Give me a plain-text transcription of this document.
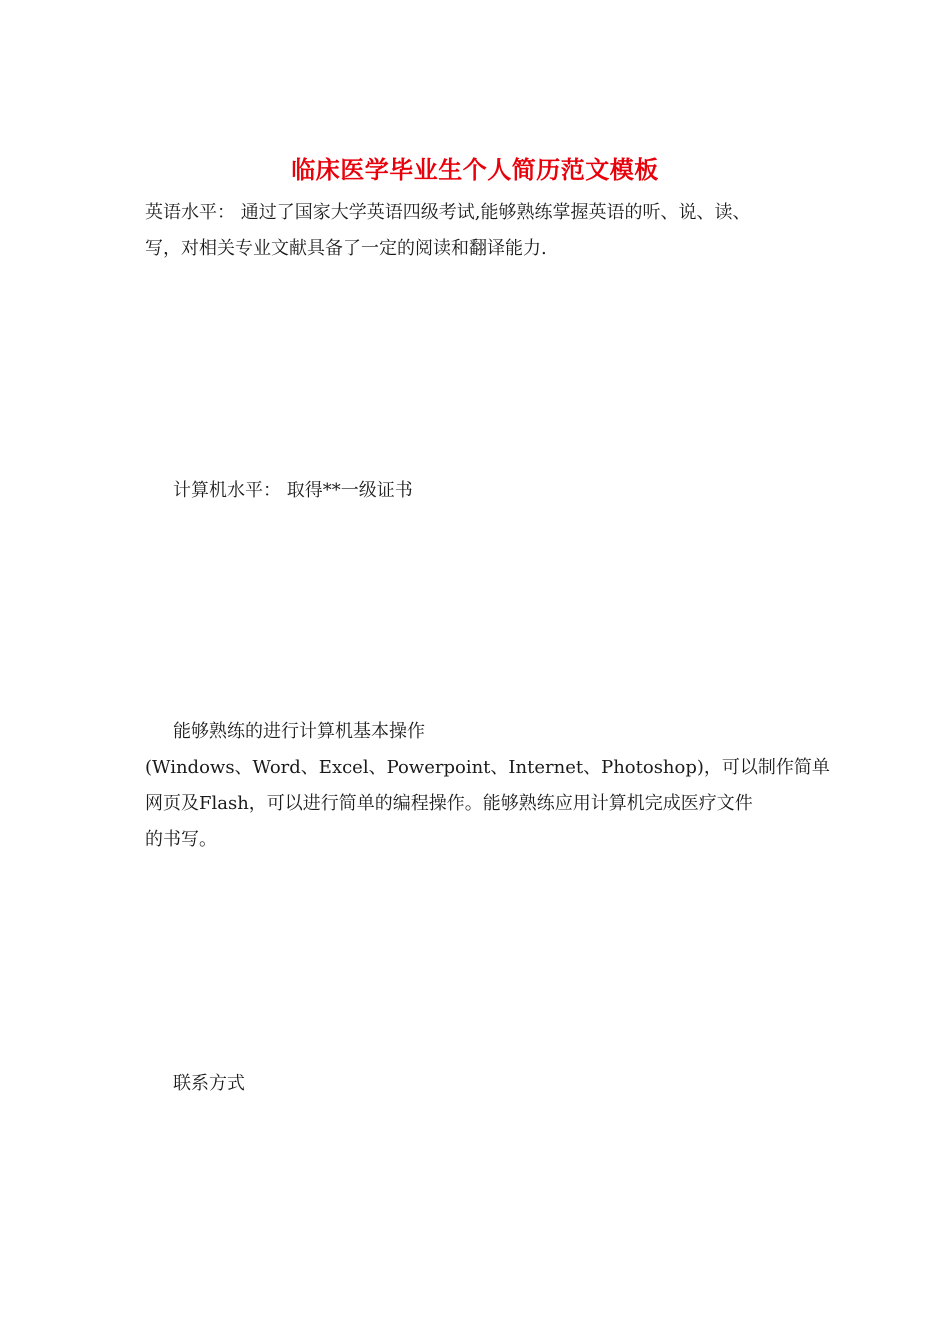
临床医学毕业生个人简历范文模板
英语水平： 通过了国家大学英语四级考试,能够熟练掌握英语的听、说、读、
写，对相关专业文献具备了一定的阅读和翻译能力.
计算机水平： 取得**一级证书
能够熟练的进行计算机基本操作
(Windows、Word、Excel、Powerpoint、Internet、Photoshop)，可以制作简单
网页及Flash，可以进行简单的编程操作。能够熟练应用计算机完成医疗文件
的书写。
联系方式
